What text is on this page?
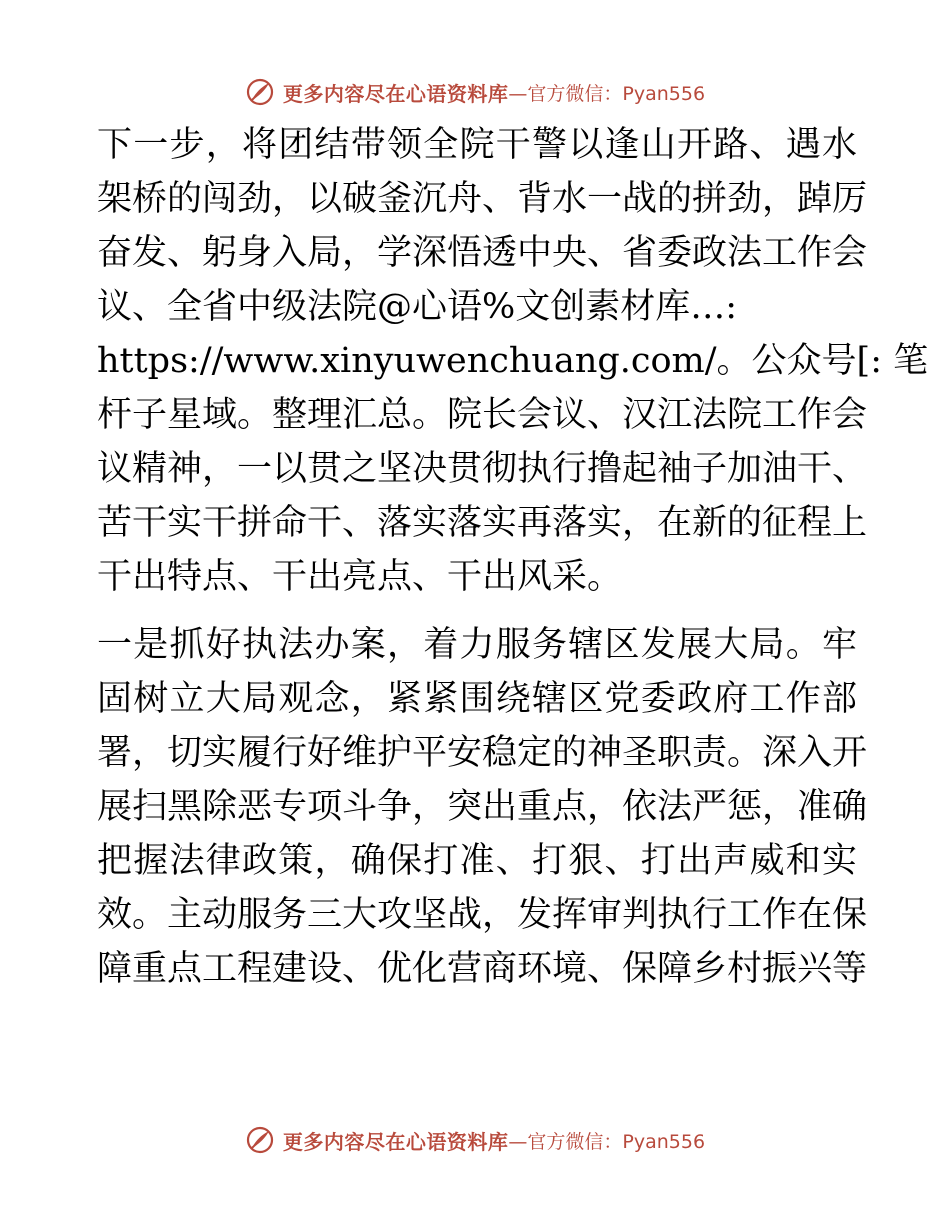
更多内容尽在心语资料库 —官方微信：Pyan556
下一步，将团结带领全院干警以逢山开路、遇水
架桥的闯劲，以破釜沉舟、背水一战的拼劲，踔厉
奋发、躬身入局，学深悟透中央、省委政法工作会
议、全省中级法院@心语%文创素材库…:
https://www.xinyuwenchuang.com/。公众号[: 笔
杆子星域。整理汇总。院长会议、汉江法院工作会
议精神，一以贯之坚决贯彻执行撸起袖子加油干、
苦干实干拼命干、落实落实再落实，在新的征程上
干出特点、干出亮点、干出风采。
一是抓好执法办案，着力服务辖区发展大局。牢
固树立大局观念，紧紧围绕辖区党委政府工作部
署，切实履行好维护平安稳定的神圣职责。深入开
展扫黑除恶专项斗争，突出重点，依法严惩，准确
把握法律政策，确保打准、打狠、打出声威和实
效。主动服务三大攻坚战，发挥审判执行工作在保
障重点工程建设、优化营商环境、保障乡村振兴等
更多内容尽在心语资料库 —官方微信：Pyan556
